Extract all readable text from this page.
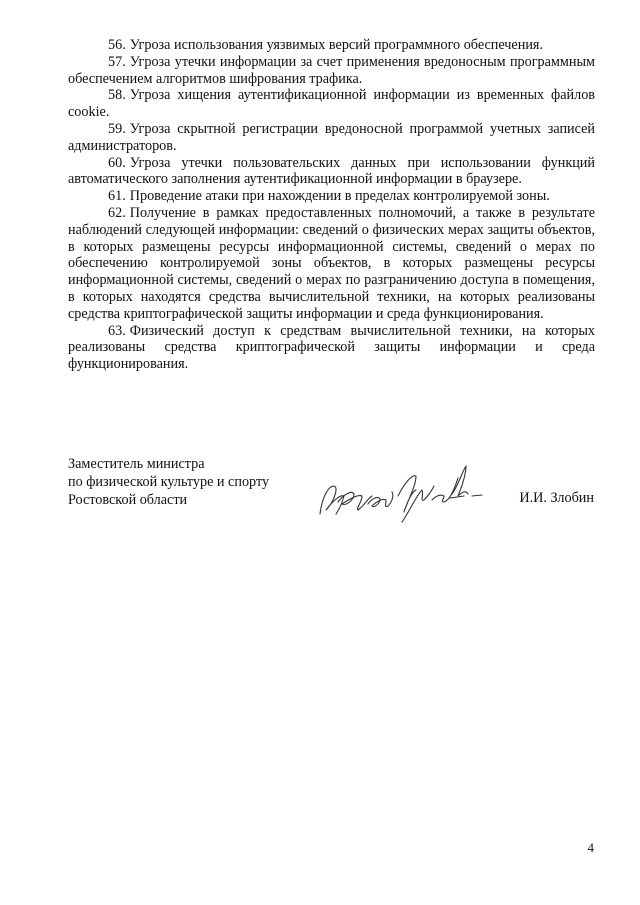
56. Угроза использования уязвимых версий программного обеспечения.

57. Угроза утечки информации за счет применения вредоносным программным обеспечением алгоритмов шифрования трафика.

58. Угроза хищения аутентификационной информации из временных файлов cookie.

59. Угроза скрытной регистрации вредоносной программой учетных записей администраторов.

60. Угроза утечки пользовательских данных при использовании функций автоматического заполнения аутентификационной информации в браузере.

61. Проведение атаки при нахождении в пределах контролируемой зоны.

62. Получение в рамках предоставленных полномочий, а также в результате наблюдений следующей информации: сведений о физических мерах защиты объектов, в которых размещены ресурсы информационной системы, сведений о мерах по обеспечению контролируемой зоны объектов, в которых размещены ресурсы информационной системы, сведений о мерах по разграничению доступа в помещения, в которых находятся средства вычислительной техники, на которых реализованы средства криптографической защиты информации и среда функционирования.

63. Физический доступ к средствам вычислительной техники, на которых реализованы средства криптографической защиты информации и среда функционирования.

Заместитель министра
по физической культуре и спорту
Ростовской области	И.И. Злобин
4
